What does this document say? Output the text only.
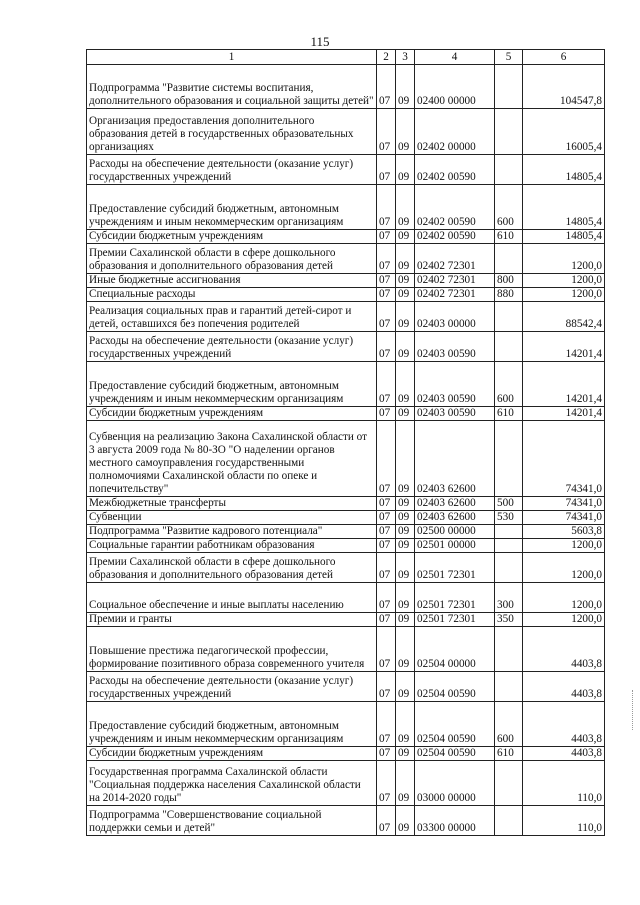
115
1	2	3	4	5	6
Подпрограмма "Развитие системы воспитания, дополнительного образования и социальной защиты детей"	07	09	02400 00000		104547,8
Организация предоставления дополнительного образования детей в государственных образовательных организациях	07	09	02402 00000		16005,4
Расходы на обеспечение деятельности (оказание услуг) государственных учреждений	07	09	02402 00590		14805,4
Предоставление субсидий бюджетным, автономным учреждениям и иным некоммерческим организациям	07	09	02402 00590	600	14805,4
Субсидии бюджетным учреждениям	07	09	02402 00590	610	14805,4
Премии Сахалинской области в сфере дошкольного образования и дополнительного образования детей	07	09	02402 72301		1200,0
Иные бюджетные ассигнования	07	09	02402 72301	800	1200,0
Специальные расходы	07	09	02402 72301	880	1200,0
Реализация социальных прав и гарантий детей-сирот и детей, оставшихся без попечения родителей	07	09	02403 00000		88542,4
Расходы на обеспечение деятельности (оказание услуг) государственных учреждений	07	09	02403 00590		14201,4
Предоставление субсидий бюджетным, автономным учреждениям и иным некоммерческим организациям	07	09	02403 00590	600	14201,4
Субсидии бюджетным учреждениям	07	09	02403 00590	610	14201,4
Субвенция на реализацию Закона Сахалинской области от 3 августа 2009 года № 80-ЗО "О наделении органов местного самоуправления государственными полномочиями Сахалинской области по опеке и попечительству"	07	09	02403 62600		74341,0
Межбюджетные трансферты	07	09	02403 62600	500	74341,0
Субвенции	07	09	02403 62600	530	74341,0
Подпрограмма "Развитие кадрового потенциала"	07	09	02500 00000		5603,8
Социальные гарантии работникам образования	07	09	02501 00000		1200,0
Премии Сахалинской области в сфере дошкольного образования и дополнительного образования детей	07	09	02501 72301		1200,0
Социальное обеспечение и иные выплаты населению	07	09	02501 72301	300	1200,0
Премии и гранты	07	09	02501 72301	350	1200,0
Повышение престижа педагогической профессии, формирование позитивного образа современного учителя	07	09	02504 00000		4403,8
Расходы на обеспечение деятельности (оказание услуг) государственных учреждений	07	09	02504 00590		4403,8
Предоставление субсидий бюджетным, автономным учреждениям и иным некоммерческим организациям	07	09	02504 00590	600	4403,8
Субсидии бюджетным учреждениям	07	09	02504 00590	610	4403,8
Государственная программа Сахалинской области "Социальная поддержка населения Сахалинской области на 2014-2020 годы"	07	09	03000 00000		110,0
Подпрограмма "Совершенствование социальной поддержки семьи и детей"	07	09	03300 00000		110,0
